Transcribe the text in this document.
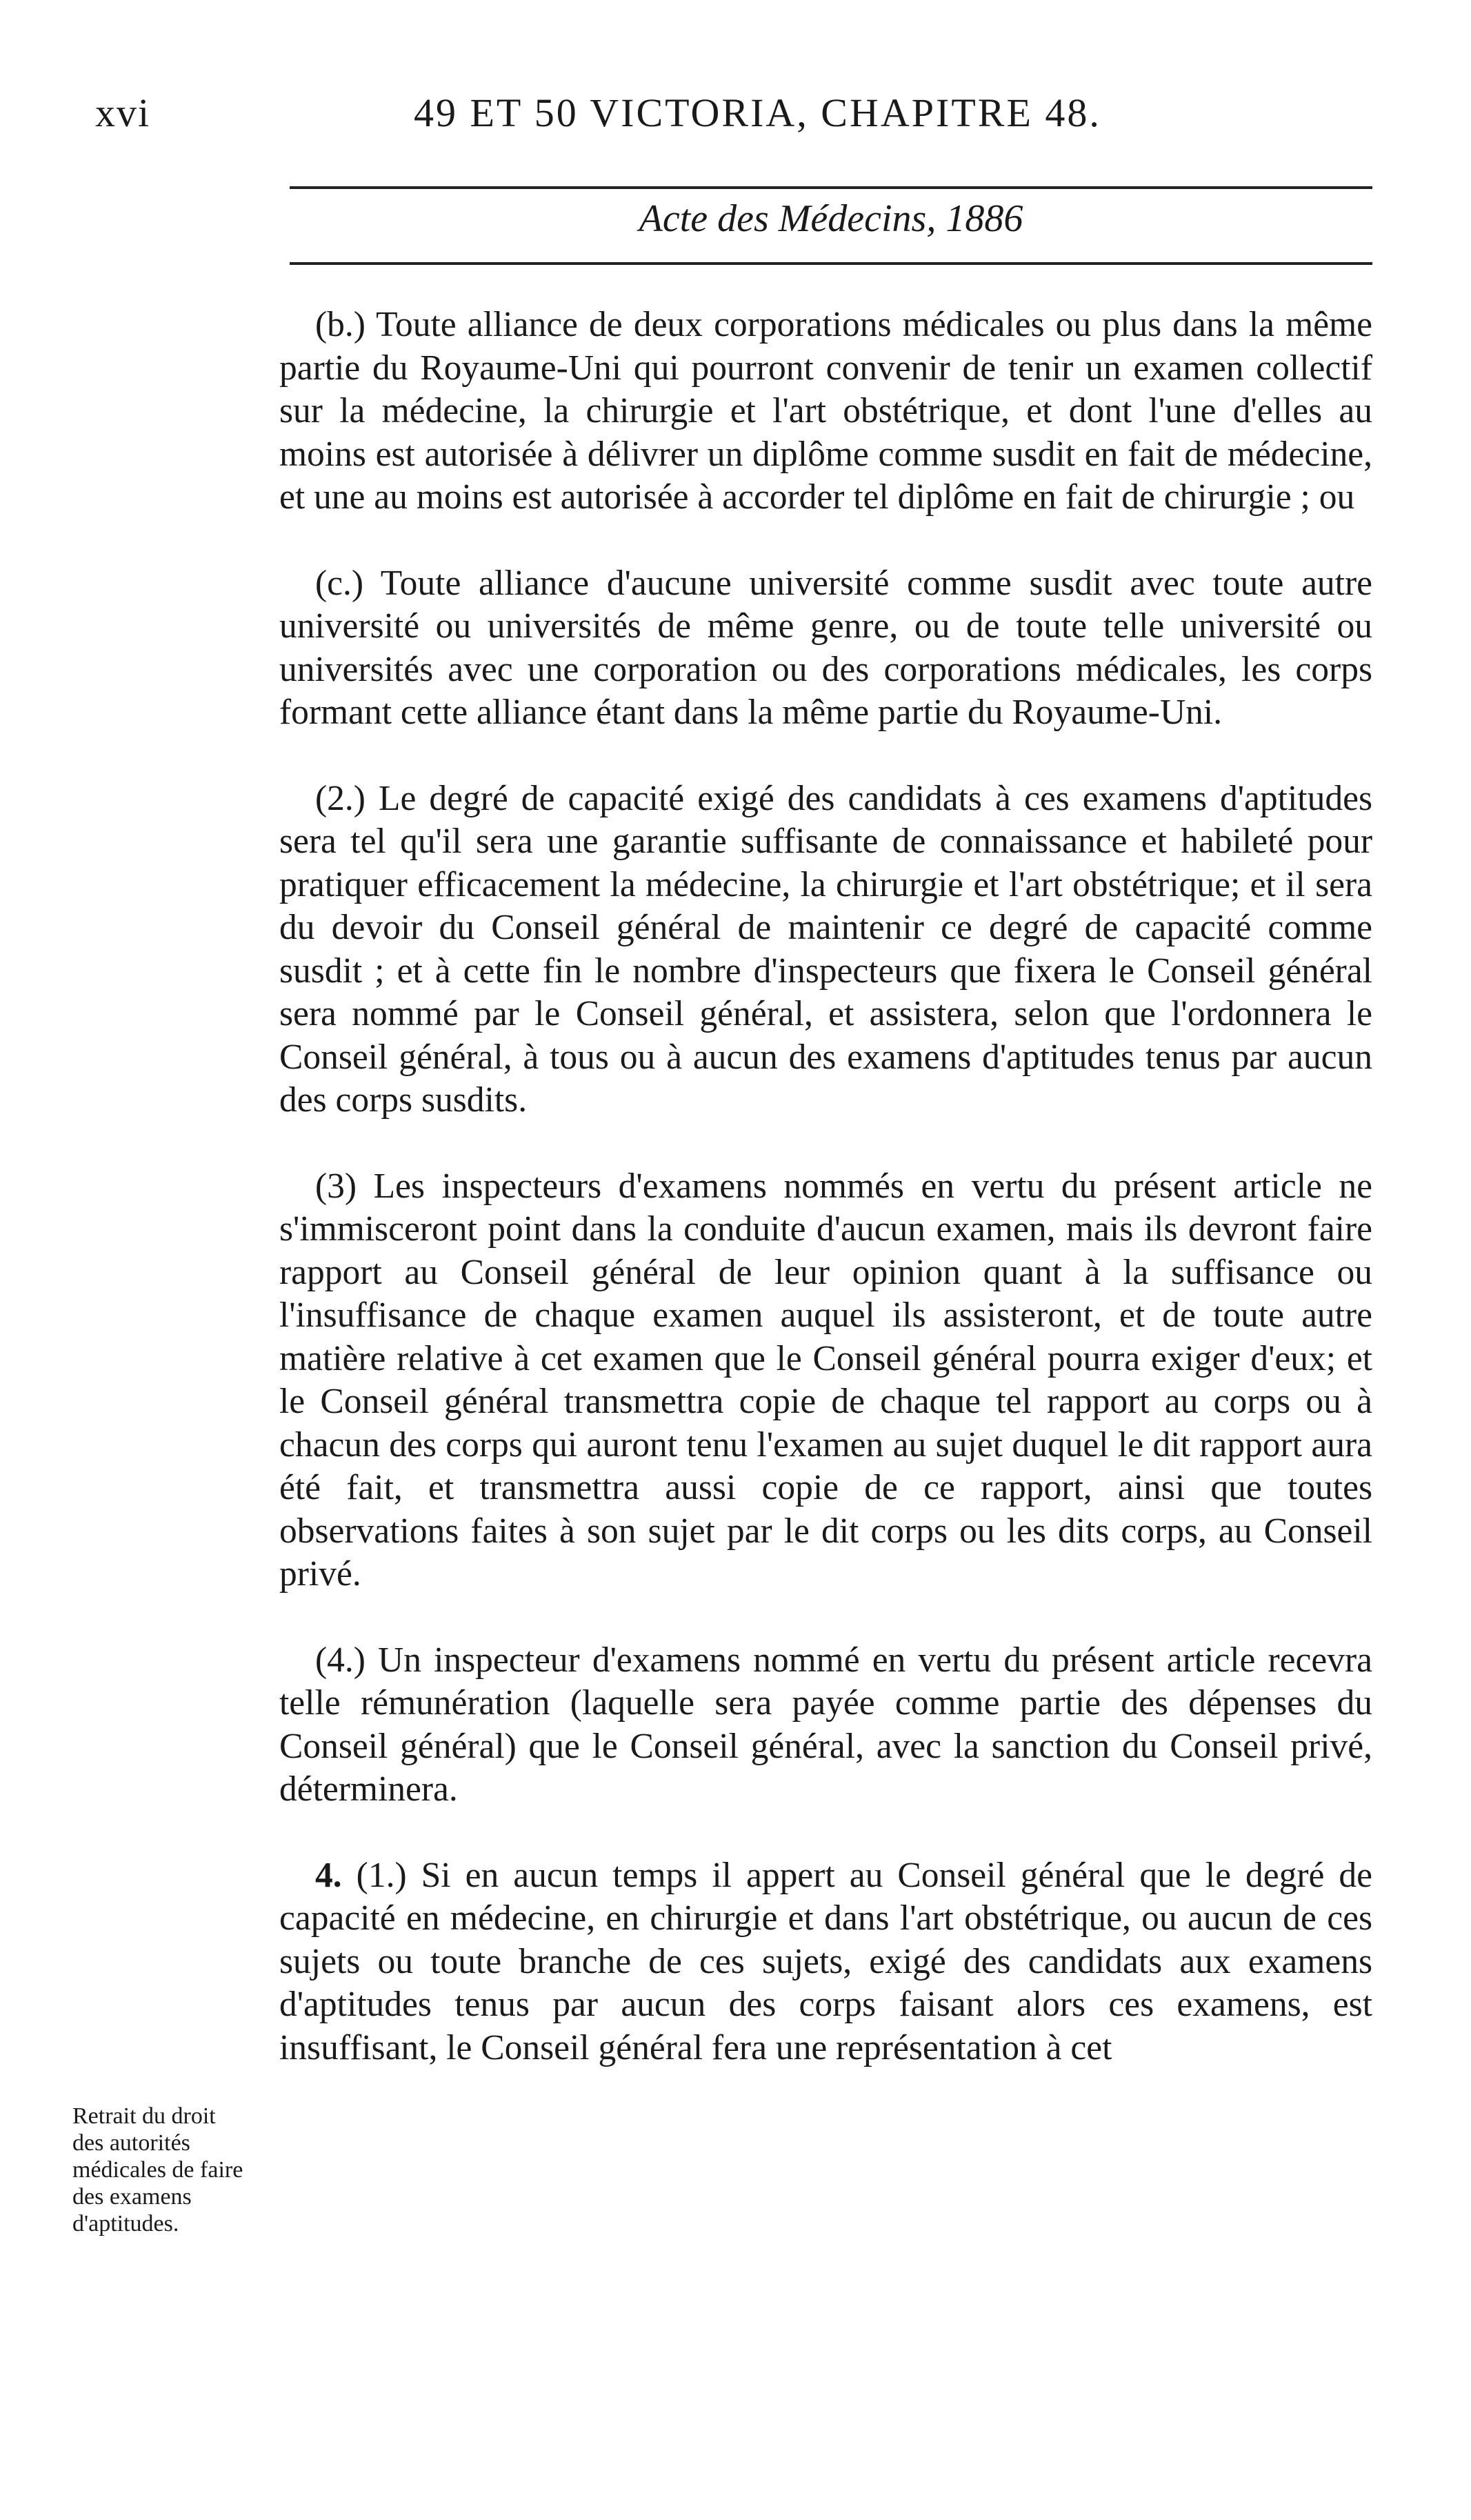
xvi	49 ET 50 VICTORIA, CHAPITRE 48.
Acte des Médecins, 1886

(b.) Toute alliance de deux corporations médicales ou plus dans la même partie du Royaume-Uni qui pourront convenir de tenir un examen collectif sur la médecine, la chirurgie et l'art obstétrique, et dont l'une d'elles au moins est autorisée à délivrer un diplôme comme susdit en fait de médecine, et une au moins est autorisée à accorder tel diplôme en fait de chirurgie ; ou

(c.) Toute alliance d'aucune université comme susdit avec toute autre université ou universités de même genre, ou de toute telle université ou universités avec une corporation ou des corporations médicales, les corps formant cette alliance étant dans la même partie du Royaume-Uni.

(2.) Le degré de capacité exigé des candidats à ces examens d'aptitudes sera tel qu'il sera une garantie suffisante de connaissance et habileté pour pratiquer efficacement la médecine, la chirurgie et l'art obstétrique; et il sera du devoir du Conseil général de maintenir ce degré de capacité comme susdit ; et à cette fin le nombre d'inspecteurs que fixera le Conseil général sera nommé par le Conseil général, et assistera, selon que l'ordonnera le Conseil général, à tous ou à aucun des examens d'aptitudes tenus par aucun des corps susdits.

(3) Les inspecteurs d'examens nommés en vertu du présent article ne s'immisceront point dans la conduite d'aucun examen, mais ils devront faire rapport au Conseil général de leur opinion quant à la suffisance ou l'insuffisance de chaque examen auquel ils assisteront, et de toute autre matière relative à cet examen que le Conseil général pourra exiger d'eux; et le Conseil général transmettra copie de chaque tel rapport au corps ou à chacun des corps qui auront tenu l'examen au sujet duquel le dit rapport aura été fait, et transmettra aussi copie de ce rapport, ainsi que toutes observations faites à son sujet par le dit corps ou les dits corps, au Conseil privé.

(4.) Un inspecteur d'examens nommé en vertu du présent article recevra telle rémunération (laquelle sera payée comme partie des dépenses du Conseil général) que le Conseil général, avec la sanction du Conseil privé, déterminera.

4. (1.) Si en aucun temps il appert au Conseil général que le degré de capacité en médecine, en chirurgie et dans l'art obstétrique, ou aucun de ces sujets ou toute branche de ces sujets, exigé des candidats aux examens d'aptitudes tenus par aucun des corps faisant alors ces examens, est insuffisant, le Conseil général fera une représentation à cet

Retrait du droit des autorités médicales de faire des examens d'aptitudes.
